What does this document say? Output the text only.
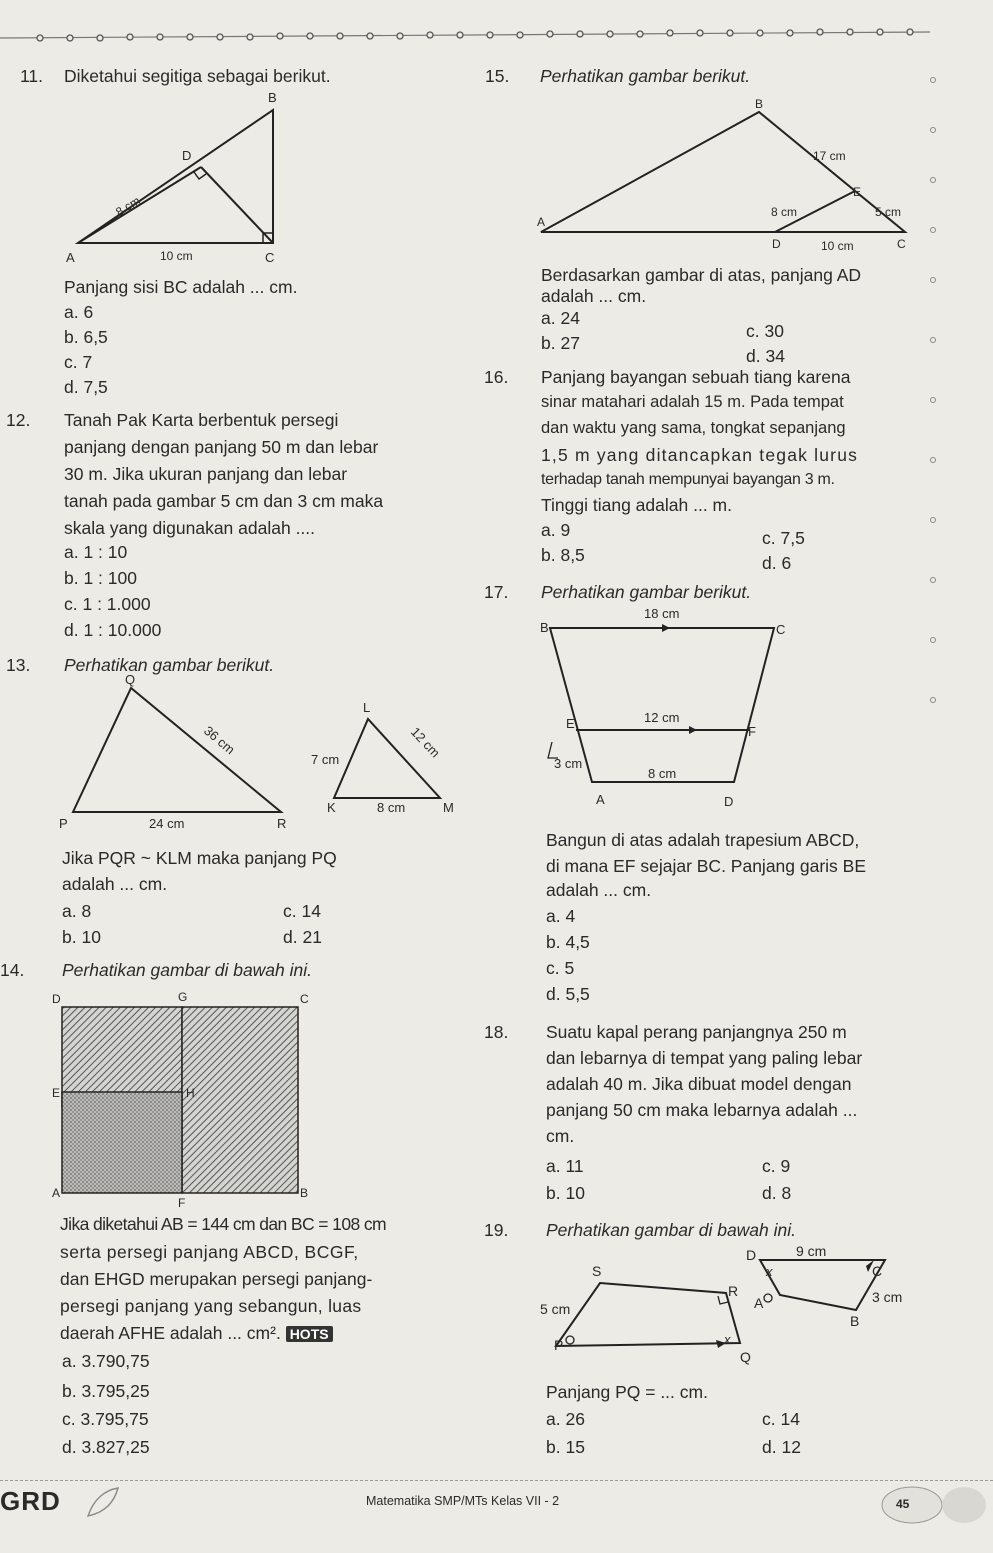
11. Diketahui segitiga sebagai berikut.
B
D
A	C
8 cm
10 cm
Panjang sisi BC adalah ... cm.
a. 6
b. 6,5
c. 7
d. 7,5
12. Tanah Pak Karta berbentuk persegi
panjang dengan panjang 50 m dan lebar
30 m. Jika ukuran panjang dan lebar
tanah pada gambar 5 cm dan 3 cm maka
skala yang digunakan adalah ....
a. 1 : 10
b. 1 : 100
c. 1 : 1.000
d. 1 : 10.000
13. Perhatikan gambar berikut.
Q
P	R
36 cm
24 cm
L
K	M
7 cm	12 cm
8 cm
Jika PQR ~ KLM maka panjang PQ
adalah ... cm.
a. 8
b. 10
c. 14
d. 21
14. Perhatikan gambar di bawah ini.
D	G	C
E	H
A
F
B
Jika diketahui AB = 144 cm dan BC = 108 cm
serta persegi panjang ABCD, BCGF,
dan EHGD merupakan persegi panjang-
persegi panjang yang sebangun, luas
daerah AFHE adalah ... cm². HOTS
a. 3.790,75
b. 3.795,25
c. 3.795,75
d. 3.827,25
15. Perhatikan gambar berikut.
B
A
D	C
E
17 cm
8 cm	5 cm
10 cm
Berdasarkan gambar di atas, panjang AD
adalah ... cm.
a. 24
b. 27
c. 30
d. 34
16. Panjang bayangan sebuah tiang karena
sinar matahari adalah 15 m. Pada tempat
dan waktu yang sama, tongkat sepanjang
1,5 m yang ditancapkan tegak lurus
terhadap tanah mempunyai bayangan 3 m.
Tinggi tiang adalah ... m.
a. 9
b. 8,5
c. 7,5
d. 6
17. Perhatikan gambar berikut.
B	C
E
F
A	D
18 cm
12 cm
3 cm
8 cm
Bangun di atas adalah trapesium ABCD,
di mana EF sejajar BC. Panjang garis BE
adalah ... cm.
a. 4
b. 4,5
c. 5
d. 5,5
18. Suatu kapal perang panjangnya 250 m
dan lebarnya di tempat yang paling lebar
adalah 40 m. Jika dibuat model dengan
panjang 50 cm maka lebarnya adalah ...
cm.
a. 11
b. 10
c. 9
d. 8
19. Perhatikan gambar di bawah ini.
S
R
P
Q
D
C
A
B
5 cm
9 cm
3 cm
x
x
Panjang PQ = ... cm.
a. 26
b. 15
c. 14
d. 12
GRD	Matematika SMP/MTs Kelas VII - 2	45
